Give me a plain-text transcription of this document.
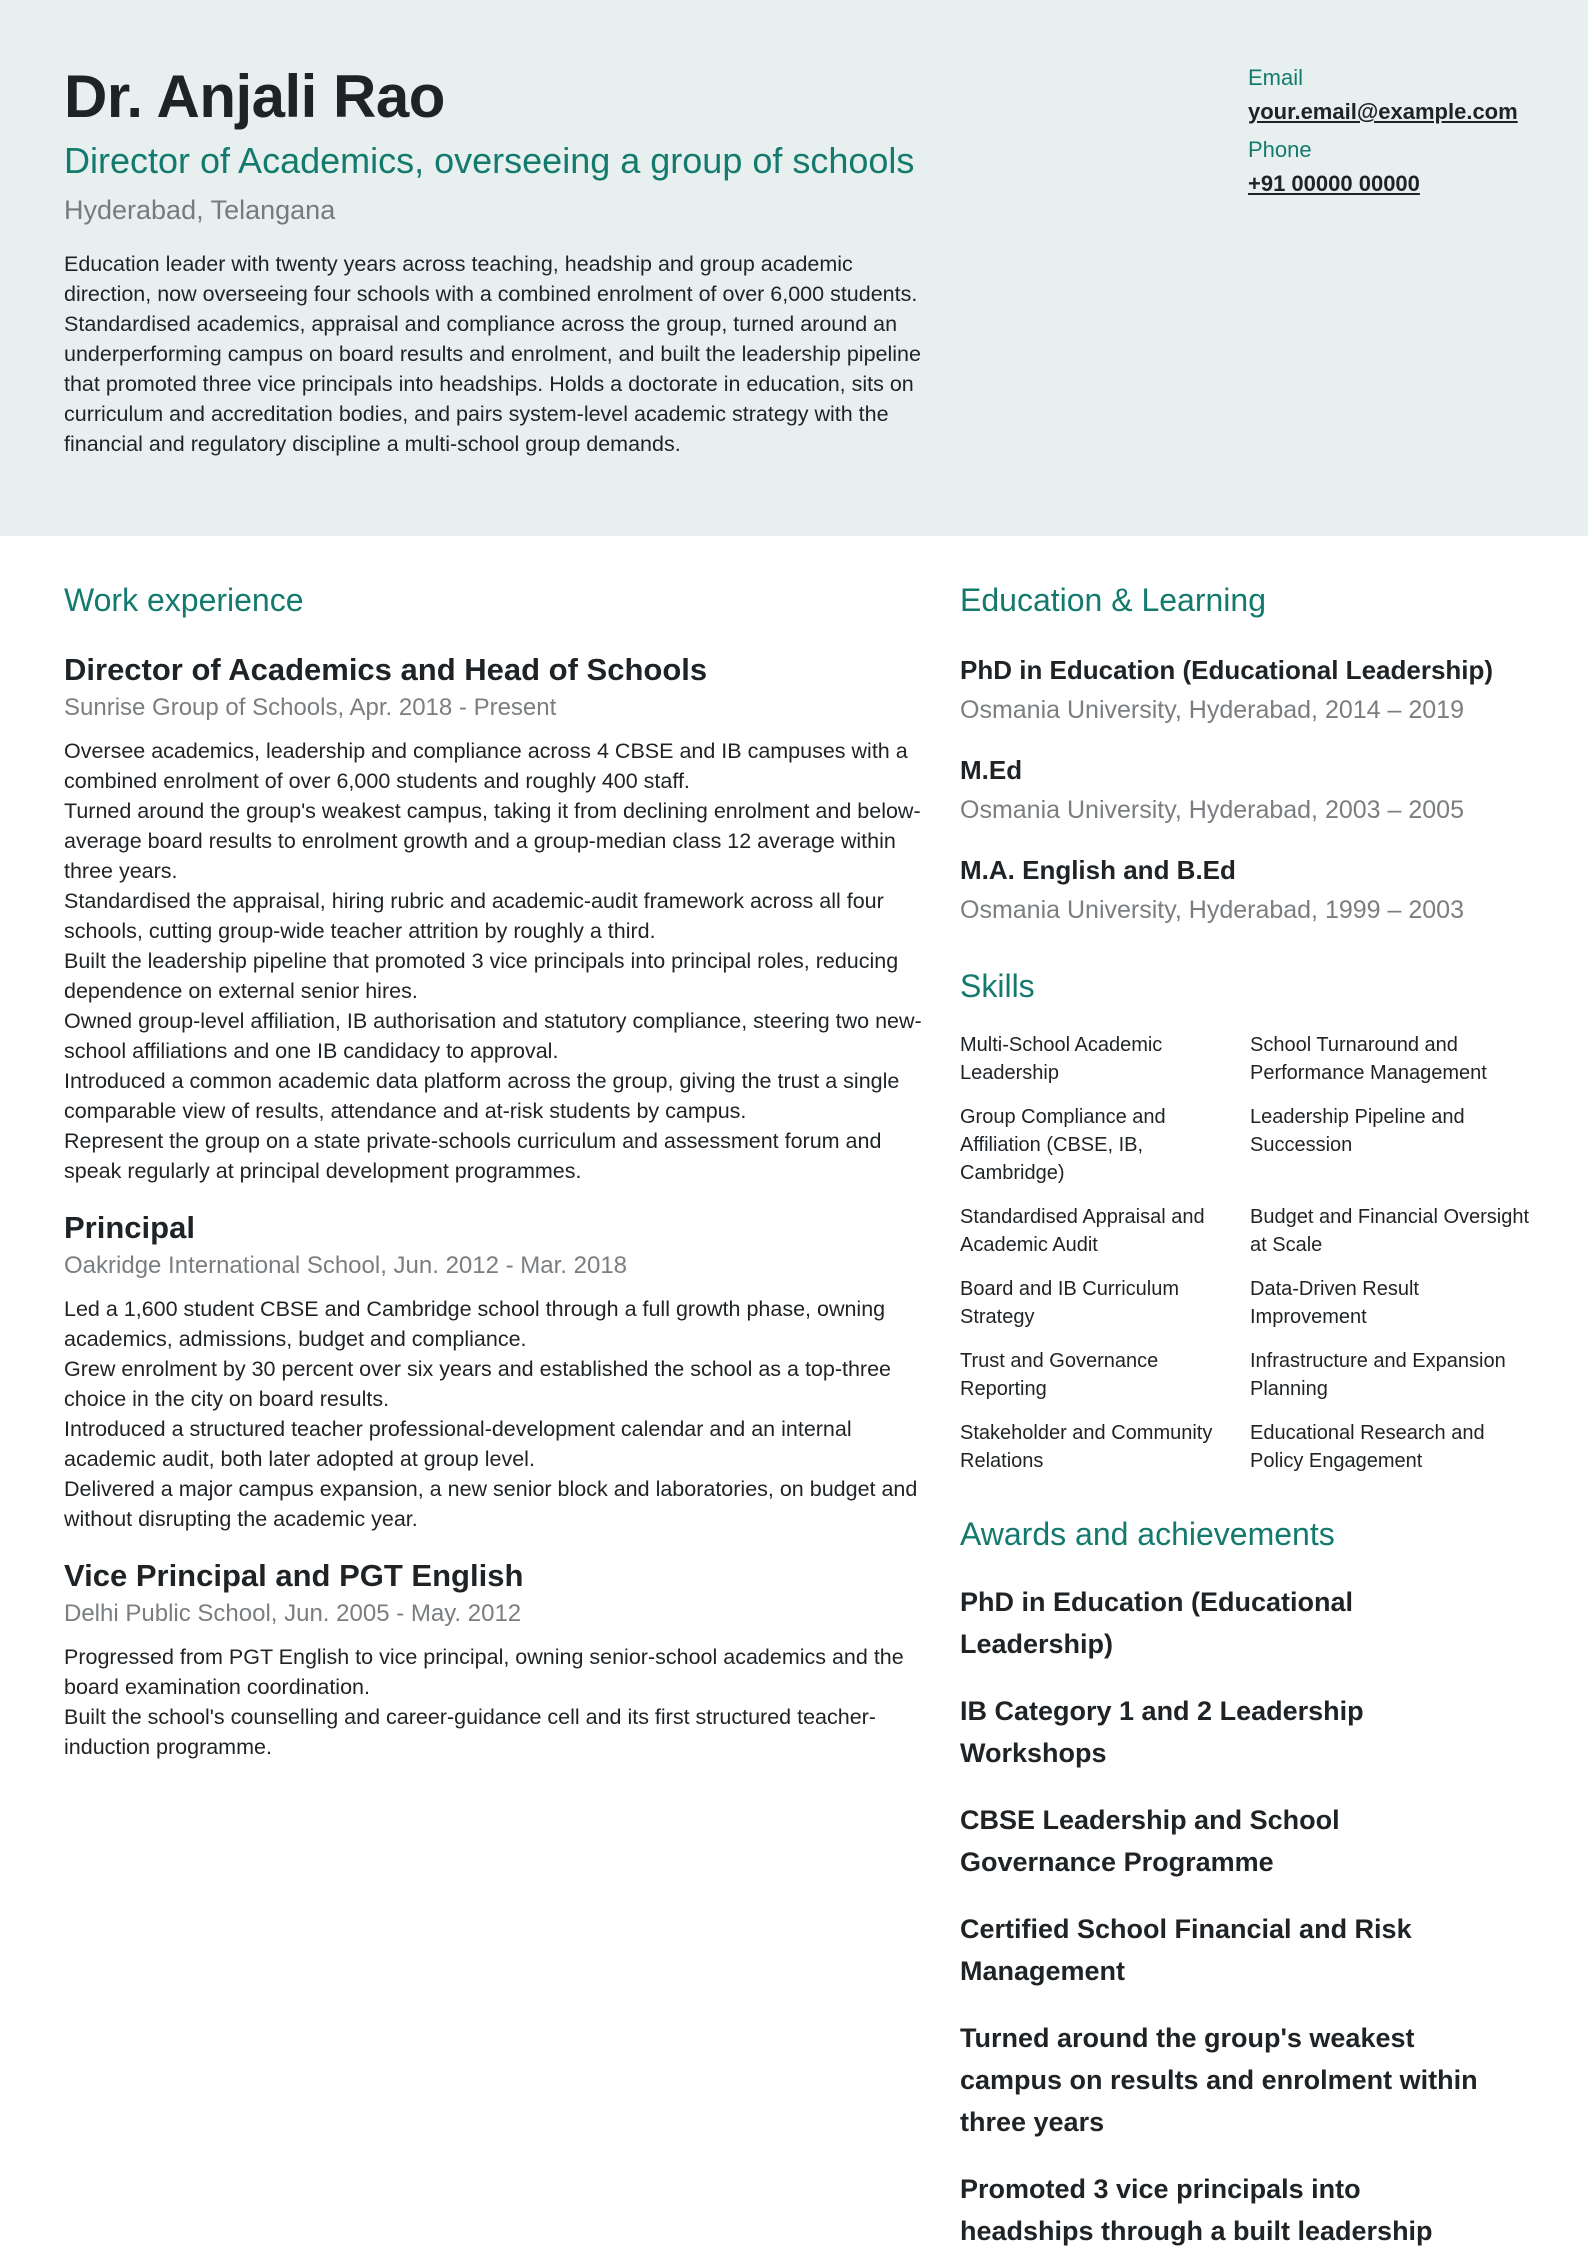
Dr. Anjali Rao
Director of Academics, overseeing a group of schools
Hyderabad, Telangana
Education leader with twenty years across teaching, headship and group academic direction, now overseeing four schools with a combined enrolment of over 6,000 students. Standardised academics, appraisal and compliance across the group, turned around an underperforming campus on board results and enrolment, and built the leadership pipeline that promoted three vice principals into headships. Holds a doctorate in education, sits on curriculum and accreditation bodies, and pairs system-level academic strategy with the financial and regulatory discipline a multi-school group demands.
Email
your.email@example.com
Phone
+91 00000 00000
Work experience
Director of Academics and Head of Schools
Sunrise Group of Schools, Apr. 2018 - Present
Oversee academics, leadership and compliance across 4 CBSE and IB campuses with a combined enrolment of over 6,000 students and roughly 400 staff.
Turned around the group's weakest campus, taking it from declining enrolment and below-average board results to enrolment growth and a group-median class 12 average within three years.
Standardised the appraisal, hiring rubric and academic-audit framework across all four schools, cutting group-wide teacher attrition by roughly a third.
Built the leadership pipeline that promoted 3 vice principals into principal roles, reducing dependence on external senior hires.
Owned group-level affiliation, IB authorisation and statutory compliance, steering two new-school affiliations and one IB candidacy to approval.
Introduced a common academic data platform across the group, giving the trust a single comparable view of results, attendance and at-risk students by campus.
Represent the group on a state private-schools curriculum and assessment forum and speak regularly at principal development programmes.
Principal
Oakridge International School, Jun. 2012 - Mar. 2018
Led a 1,600 student CBSE and Cambridge school through a full growth phase, owning academics, admissions, budget and compliance.
Grew enrolment by 30 percent over six years and established the school as a top-three choice in the city on board results.
Introduced a structured teacher professional-development calendar and an internal academic audit, both later adopted at group level.
Delivered a major campus expansion, a new senior block and laboratories, on budget and without disrupting the academic year.
Vice Principal and PGT English
Delhi Public School, Jun. 2005 - May. 2012
Progressed from PGT English to vice principal, owning senior-school academics and the board examination coordination.
Built the school's counselling and career-guidance cell and its first structured teacher-induction programme.
Education & Learning
PhD in Education (Educational Leadership)
Osmania University, Hyderabad, 2014 – 2019
M.Ed
Osmania University, Hyderabad, 2003 – 2005
M.A. English and B.Ed
Osmania University, Hyderabad, 1999 – 2003
Skills
Multi-School Academic Leadership
School Turnaround and Performance Management
Group Compliance and Affiliation (CBSE, IB, Cambridge)
Leadership Pipeline and Succession
Standardised Appraisal and Academic Audit
Budget and Financial Oversight at Scale
Board and IB Curriculum Strategy
Data-Driven Result Improvement
Trust and Governance Reporting
Infrastructure and Expansion Planning
Stakeholder and Community Relations
Educational Research and Policy Engagement
Awards and achievements
PhD in Education (Educational Leadership)
IB Category 1 and 2 Leadership Workshops
CBSE Leadership and School Governance Programme
Certified School Financial and Risk Management
Turned around the group's weakest campus on results and enrolment within three years
Promoted 3 vice principals into headships through a built leadership
